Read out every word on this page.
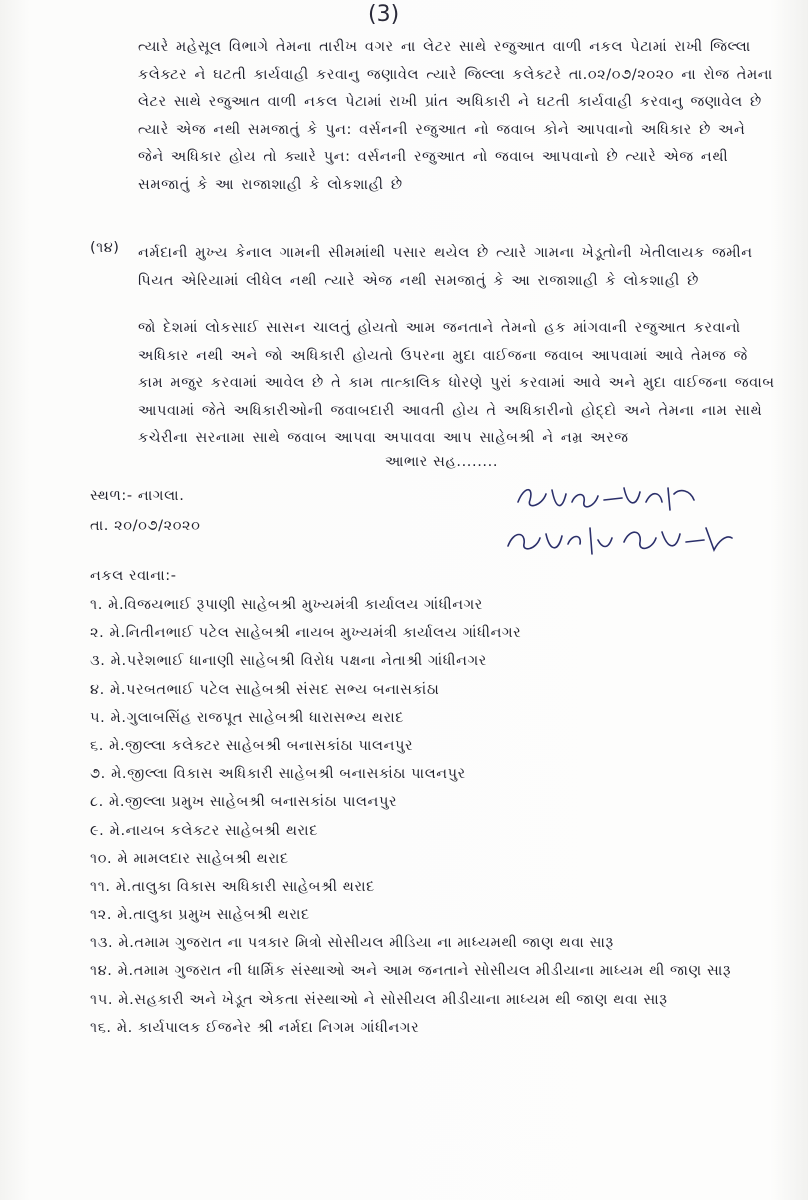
(3)
ત્યારે મહેસૂલ વિભાગે તેમના તારીખ વગર ના લેટર સાથે રજુઆત વાળી નકલ પેટામાં રાખી જિલ્લા કલેક્ટર ને ઘટતી કાર્યવાહી કરવાનુ જણાવેલ ત્યારે જિલ્લા કલેક્ટરે તા.૦૨/૦૭/૨૦૨૦ ના રોજ તેમના લેટર સાથે રજુઆત વાળી નકલ પેટામાં રાખી પ્રાંત અધિકારી ને ઘટતી કાર્યવાહી કરવાનુ જણાવેલ છે ત્યારે એજ નથી સમજાતું કે પુન: વર્સનની રજુઆત નો જવાબ કોને આપવાનો અધિકાર છે અને જેને અધિકાર હોય તો ક્યારે પુન: વર્સનની રજુઆત નો જવાબ આપવાનો છે ત્યારે એજ નથી સમજાતું કે આ રાજાશાહી કે લોકશાહી છે
(૧૪) નર્મદાની મુખ્ય કેનાલ ગામની સીમમાંથી પસાર થયેલ છે ત્યારે ગામના ખેડૂતોની ખેતીલાયક જમીન પિયત એરિયામાં લીધેલ નથી ત્યારે એજ નથી સમજાતું કે આ રાજાશાહી કે લોકશાહી છે
જો દેશમાં લોકસાઈ સાસન ચાલતું હોયતો આમ જનતાને તેમનો હક માંગવાની રજુઆત કરવાનો અધિકાર નથી અને જો અધિકારી હોયતો ઉપરના મુદા વાઈજના જવાબ આપવામાં આવે તેમજ જે કામ મજુર કરવામાં આવેલ છે તે કામ તાત્કાલિક ધોરણે પુરાં કરવામાં આવે અને મુદા વાઈજના જવાબ આપવામાં જેતે અધિકારીઓની જવાબદારી આવતી હોય તે અધિકારીનો હોદ્દો અને તેમના નામ સાથે કચેરીના સરનામા સાથે જવાબ આપવા અપાવવા આપ સાહેબશ્રી ને નમ્ર અરજ
આભાર સહ........
સ્થળ:- નાગલા.
તા. ૨૦/૦૭/૨૦૨૦
નકલ રવાના:-
૧. મે.વિજયભાઈ રૂપાણી સાહેબશ્રી મુખ્યમંત્રી કાર્યાલય ગાંધીનગર
૨. મે.નિતીનભાઈ પટેલ સાહેબશ્રી નાયબ મુખ્યમંત્રી કાર્યાલય ગાંધીનગર
૩. મે.પરેશભાઈ ધાનાણી સાહેબશ્રી વિરોધ પક્ષના નેતાશ્રી ગાંધીનગર
૪. મે.પરબતભાઈ પટેલ સાહેબશ્રી સંસદ સભ્ય બનાસકાંઠા
૫. મે.ગુલાબસિંહ રાજપૂત સાહેબશ્રી ધારાસભ્ય થરાદ
૬. મે.જીલ્લા કલેક્ટર સાહેબશ્રી બનાસકાંઠા પાલનપુર
૭. મે.જીલ્લા વિકાસ અધિકારી સાહેબશ્રી બનાસકાંઠા પાલનપુર
૮. મે.જીલ્લા પ્રમુખ સાહેબશ્રી બનાસકાંઠા પાલનપુર
૯. મે.નાયબ કલેક્ટર સાહેબશ્રી થરાદ
૧૦. મે મામલદાર સાહેબશ્રી થરાદ
૧૧. મે.તાલુકા વિકાસ અધિકારી સાહેબશ્રી થરાદ
૧૨. મે.તાલુકા પ્રમુખ સાહેબશ્રી થરાદ
૧૩. મે.તમામ ગુજરાત ના પત્રકાર મિત્રો સોસીયલ મીડિયા ના માધ્યમથી જાણ થવા સારૂ
૧૪. મે.તમામ ગુજરાત ની ધાર્મિક સંસ્થાઓ અને આમ જનતાને સોસીયલ મીડીયાના માધ્યમ થી જાણ સારૂ
૧૫. મે.સહકારી અને ખેડૂત એકતા સંસ્થાઓ ને સોસીયલ મીડીયાના માધ્યમ થી જાણ થવા સારૂ
૧૬. મે. કાર્યપાલક ઈજનેર શ્રી નર્મદા નિગમ ગાંધીનગર
